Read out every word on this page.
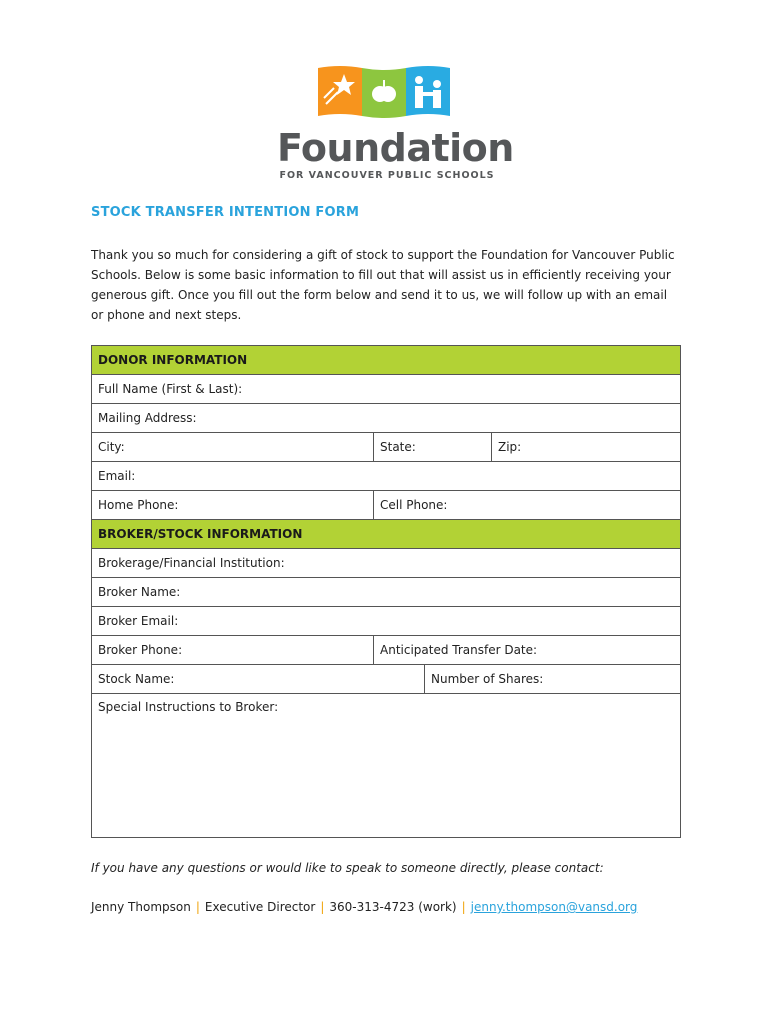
Foundation
FOR VANCOUVER PUBLIC SCHOOLS
STOCK TRANSFER INTENTION FORM
Thank you so much for considering a gift of stock to support the Foundation for Vancouver Public Schools. Below is some basic information to fill out that will assist us in efficiently receiving your generous gift. Once you fill out the form below and send it to us, we will follow up with an email or phone and next steps.
DONOR INFORMATION			
Full Name (First & Last):			
Mailing Address:			
City:	State:		Zip:
Email:			
Home Phone:	Cell Phone:		
BROKER/STOCK INFORMATION			
Brokerage/Financial Institution:			
Broker Name:			
Broker Email:			
Broker Phone:	Anticipated Transfer Date:		
Stock Name:		Number of Shares:	
Special Instructions to Broker:			
If you have any questions or would like to speak to someone directly, please contact:
Jenny Thompson | Executive Director | 360-313-4723 (work) | jenny.thompson@vansd.org
